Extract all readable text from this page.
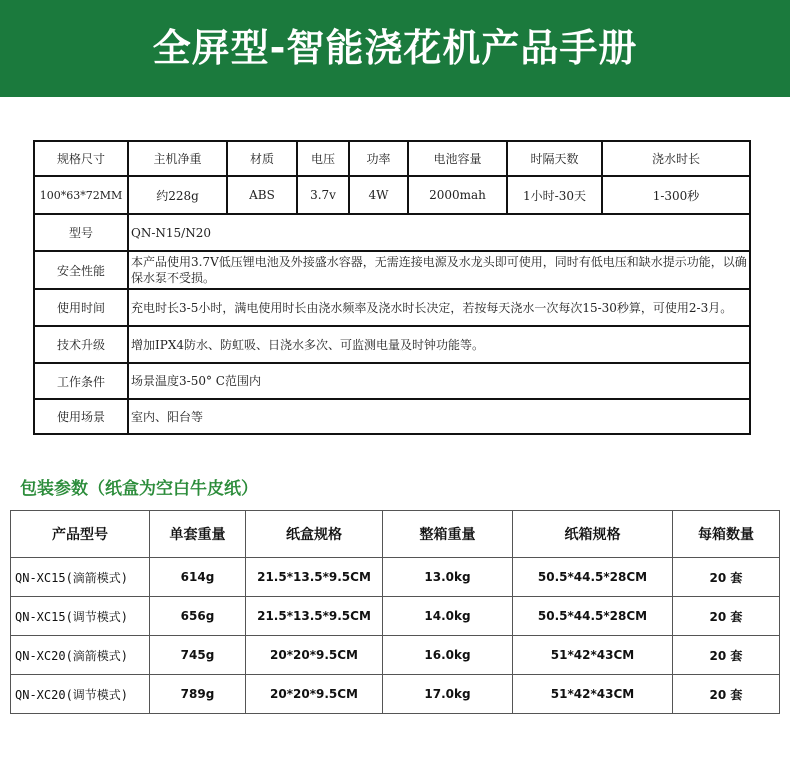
全屏型-智能浇花机产品手册
规格尺寸	主机净重	材质	电压	功率	电池容量	时隔天数	浇水时长
100*63*72MM	约228g	ABS	3.7v	4W	2000mah	1小时-30天	1-300秒
型号	QN-N15/N20						
安全性能	本产品使用3.7V低压锂电池及外接盛水容器，无需连接电源及水龙头即可使用，同时有低电压和缺水提示功能，以确保水泵不受损。						
使用时间	充电时长3-5小时，满电使用时长由浇水频率及浇水时长决定，若按每天浇水一次每次15-30秒算，可使用2-3月。						
技术升级	增加IPX4防水、防虹吸、日浇水多次、可监测电量及时钟功能等。						
工作条件	场景温度3-50° C范围内						
使用场景	室内、阳台等						
包装参数（纸盒为空白牛皮纸）
产品型号	单套重量	纸盒规格	整箱重量	纸箱规格	每箱数量
QN-XC15(滴箭模式)	614g	21.5*13.5*9.5CM	13.0kg	50.5*44.5*28CM	20 套
QN-XC15(调节模式)	656g	21.5*13.5*9.5CM	14.0kg	50.5*44.5*28CM	20 套
QN-XC20(滴箭模式)	745g	20*20*9.5CM	16.0kg	51*42*43CM	20 套
QN-XC20(调节模式)	789g	20*20*9.5CM	17.0kg	51*42*43CM	20 套
